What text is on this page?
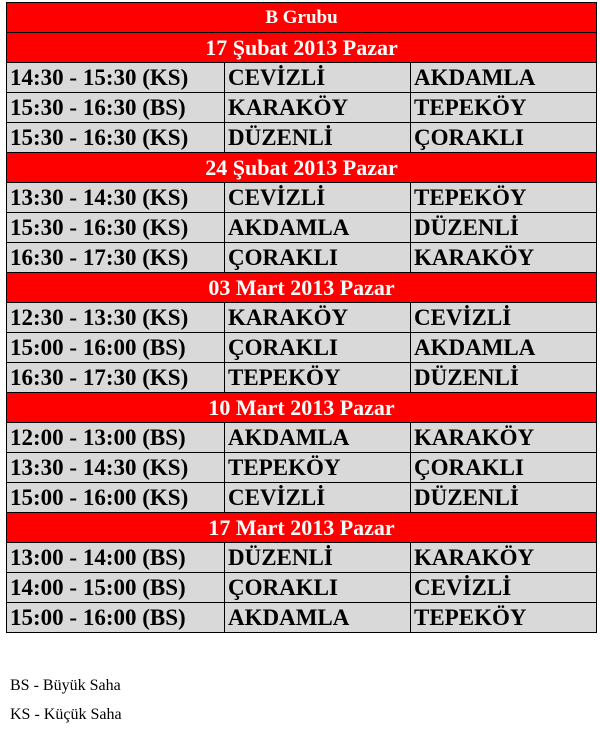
B Grubu		
17 Şubat 2013 Pazar		
14:30 - 15:30 (KS)	CEVİZLİ	AKDAMLA
15:30 - 16:30 (BS)	KARAKÖY	TEPEKÖY
15:30 - 16:30 (KS)	DÜZENLİ	ÇORAKLI
24 Şubat 2013 Pazar		
13:30 - 14:30 (KS)	CEVİZLİ	TEPEKÖY
15:30 - 16:30 (KS)	AKDAMLA	DÜZENLİ
16:30 - 17:30 (KS)	ÇORAKLI	KARAKÖY
03 Mart 2013 Pazar		
12:30 - 13:30 (KS)	KARAKÖY	CEVİZLİ
15:00 - 16:00 (BS)	ÇORAKLI	AKDAMLA
16:30 - 17:30 (KS)	TEPEKÖY	DÜZENLİ
10 Mart 2013 Pazar		
12:00 - 13:00 (BS)	AKDAMLA	KARAKÖY
13:30 - 14:30 (KS)	TEPEKÖY	ÇORAKLI
15:00 - 16:00 (KS)	CEVİZLİ	DÜZENLİ
17 Mart 2013 Pazar		
13:00 - 14:00 (BS)	DÜZENLİ	KARAKÖY
14:00 - 15:00 (BS)	ÇORAKLI	CEVİZLİ
15:00 - 16:00 (BS)	AKDAMLA	TEPEKÖY
BS - Büyük Saha
KS - Küçük Saha
